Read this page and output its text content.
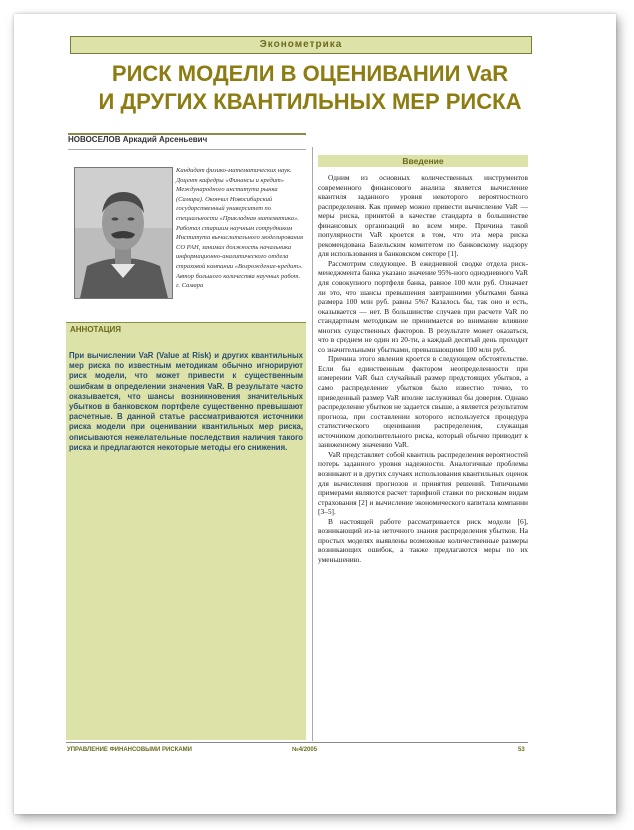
Эконометрика
РИСК МОДЕЛИ В ОЦЕНИВАНИИ VaR
И ДРУГИХ КВАНТИЛЬНЫХ МЕР РИСКА
НОВОСЕЛОВ Аркадий Арсеньевич
Кандидат физико-математических наук. Доцент кафедры «Финансы и кредит» Международного института рынка (Самара). Окончил Новосибирский государственный университет по специальности «Прикладная математика». Работал старшим научным сотрудником Института вычислительного моделирования СО РАН, занимал должность начальника информационно-аналитического отдела страховой компании «Возрождение-кредит». Автор большого количества научных работ. г. Самара
АННОТАЦИЯ
При вычислении VaR (Value at Risk) и других квантильных мер риска по известным методикам обычно игнорируют риск модели, что может привести к существенным ошибкам в определении значения VaR. В результате часто оказывается, что шансы возникновения значительных убытков в банковском портфеле существенно превышают расчетные. В данной статье рассматриваются источники риска модели при оценивании квантильных мер риска, описываются нежелательные последствия наличия такого риска и предлагаются некоторые методы его снижения.
Введение

Одним из основных количественных инструментов современного финансового анализа является вычисление квантиля заданного уровня некоторого вероятностного распределения. Как пример можно привести вычисление VaR — меры риска, принятой в качестве стандарта в большинстве финансовых организаций во всем мире. Причина такой популярности VaR кроется в том, что эта мера риска рекомендована Базельским комитетом по банковскому надзору для использования в банковском секторе [1].

Рассмотрим следующее. В ежедневной сводке отдела риск-менеджмента банка указано значение 95%-ного однодневного VaR для совокупного портфеля банка, равное 100 млн руб. Означает ли это, что шансы превышения завтрашними убытками банка размера 100 млн руб. равны 5%? Казалось бы, так оно и есть, оказывается — нет. В большинстве случаев при расчете VaR по стандартным методикам не принимается во внимание влияние многих существенных факторов. В результате может оказаться, что в среднем не один из 20-ти, а каждый десятый день проходит со значительными убытками, превышающими 100 млн руб.

Причина этого явления кроется в следующем обстоятельстве. Если бы единственным фактором неопределенности при измерении VaR был случайный размер предстоящих убытков, а само распределение убытков было известно точно, то приведенный размер VaR вполне заслуживал бы доверия. Однако распределение убытков не задается свыше, а является результатом прогноза, при составлении которого используется процедура статистического оценивания распределения, служащая источником дополнительного риска, который обычно приводит к заниженному значению VaR.

VaR представляет собой квантиль распределения вероятностей потерь заданного уровня надежности. Аналогичные проблемы возникают и в других случаях использования квантильных оценок для вычисления прогнозов и принятия решений. Типичными примерами являются расчет тарифной ставки по рисковым видам страхования [2] и вычисление экономического капитала компании [3–5].

В настоящей работе рассматривается риск модели [6], возникающий из-за неточного знания распределения убытков. На простых моделях выявлены возможные количественные размеры возникающих ошибок, а также предлагаются меры по их уменьшению.

УПРАВЛЕНИЕ ФИНАНСОВЫМИ РИСКАМИ	№4/2005	53
